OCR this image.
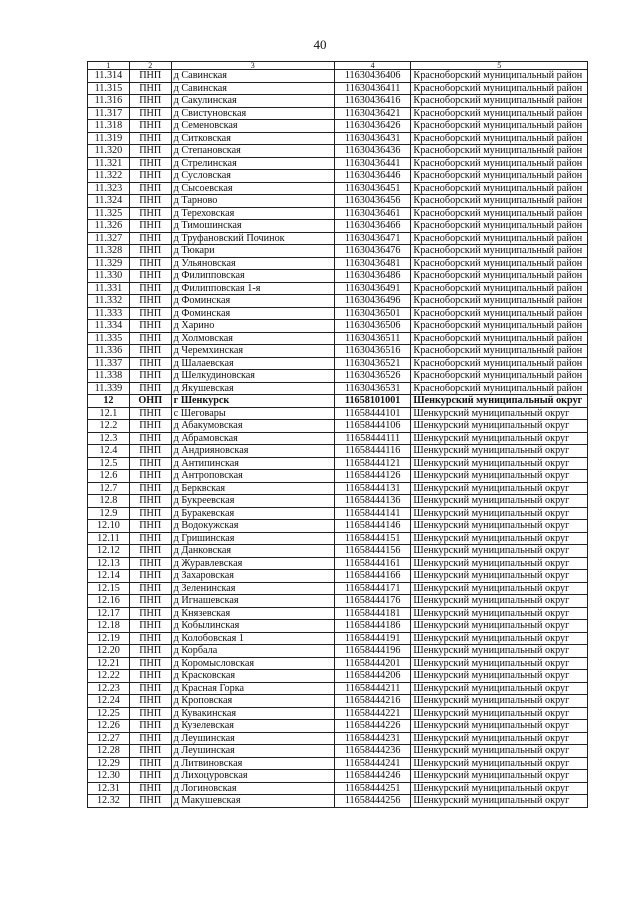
40
1	2	3	4	5
11.314	ПНП	д Савинская	11630436406	Красноборский муниципальный район
11.315	ПНП	д Савинская	11630436411	Красноборский муниципальный район
11.316	ПНП	д Сакулинская	11630436416	Красноборский муниципальный район
11.317	ПНП	д Свистуновская	11630436421	Красноборский муниципальный район
11.318	ПНП	д Семеновская	11630436426	Красноборский муниципальный район
11.319	ПНП	д Ситковская	11630436431	Красноборский муниципальный район
11.320	ПНП	д Степановская	11630436436	Красноборский муниципальный район
11.321	ПНП	д Стрелинская	11630436441	Красноборский муниципальный район
11.322	ПНП	д Сусловская	11630436446	Красноборский муниципальный район
11.323	ПНП	д Сысоевская	11630436451	Красноборский муниципальный район
11.324	ПНП	д Тарново	11630436456	Красноборский муниципальный район
11.325	ПНП	д Тереховская	11630436461	Красноборский муниципальный район
11.326	ПНП	д Тимошинская	11630436466	Красноборский муниципальный район
11.327	ПНП	д Труфановский Починок	11630436471	Красноборский муниципальный район
11.328	ПНП	д Тюкари	11630436476	Красноборский муниципальный район
11.329	ПНП	д Ульяновская	11630436481	Красноборский муниципальный район
11.330	ПНП	д Филипповская	11630436486	Красноборский муниципальный район
11.331	ПНП	д Филипповская 1-я	11630436491	Красноборский муниципальный район
11.332	ПНП	д Фоминская	11630436496	Красноборский муниципальный район
11.333	ПНП	д Фоминская	11630436501	Красноборский муниципальный район
11.334	ПНП	д Харино	11630436506	Красноборский муниципальный район
11.335	ПНП	д Холмовская	11630436511	Красноборский муниципальный район
11.336	ПНП	д Черемхинская	11630436516	Красноборский муниципальный район
11.337	ПНП	д Шалаевская	11630436521	Красноборский муниципальный район
11.338	ПНП	д Шелкудиновская	11630436526	Красноборский муниципальный район
11.339	ПНП	д Якушевская	11630436531	Красноборский муниципальный район
12	ОНП	г Шенкурск	11658101001	Шенкурский муниципальный округ
12.1	ПНП	с Шеговары	11658444101	Шенкурский муниципальный округ
12.2	ПНП	д Абакумовская	11658444106	Шенкурский муниципальный округ
12.3	ПНП	д Абрамовская	11658444111	Шенкурский муниципальный округ
12.4	ПНП	д Андрияновская	11658444116	Шенкурский муниципальный округ
12.5	ПНП	д Антипинская	11658444121	Шенкурский муниципальный округ
12.6	ПНП	д Антроповская	11658444126	Шенкурский муниципальный округ
12.7	ПНП	д Берквская	11658444131	Шенкурский муниципальный округ
12.8	ПНП	д Букреевская	11658444136	Шенкурский муниципальный округ
12.9	ПНП	д Буракевская	11658444141	Шенкурский муниципальный округ
12.10	ПНП	д Водокужская	11658444146	Шенкурский муниципальный округ
12.11	ПНП	д Гришинская	11658444151	Шенкурский муниципальный округ
12.12	ПНП	д Данковская	11658444156	Шенкурский муниципальный округ
12.13	ПНП	д Журавлевская	11658444161	Шенкурский муниципальный округ
12.14	ПНП	д Захаровская	11658444166	Шенкурский муниципальный округ
12.15	ПНП	д Зеленинская	11658444171	Шенкурский муниципальный округ
12.16	ПНП	д Игнашевская	11658444176	Шенкурский муниципальный округ
12.17	ПНП	д Князевская	11658444181	Шенкурский муниципальный округ
12.18	ПНП	д Кобылинская	11658444186	Шенкурский муниципальный округ
12.19	ПНП	д Колобовская 1	11658444191	Шенкурский муниципальный округ
12.20	ПНП	д Корбала	11658444196	Шенкурский муниципальный округ
12.21	ПНП	д Коромысловская	11658444201	Шенкурский муниципальный округ
12.22	ПНП	д Красковская	11658444206	Шенкурский муниципальный округ
12.23	ПНП	д Красная Горка	11658444211	Шенкурский муниципальный округ
12.24	ПНП	д Кроповская	11658444216	Шенкурский муниципальный округ
12.25	ПНП	д Кувакинская	11658444221	Шенкурский муниципальный округ
12.26	ПНП	д Кузелевская	11658444226	Шенкурский муниципальный округ
12.27	ПНП	д Леушинская	11658444231	Шенкурский муниципальный округ
12.28	ПНП	д Леушинская	11658444236	Шенкурский муниципальный округ
12.29	ПНП	д Литвиновская	11658444241	Шенкурский муниципальный округ
12.30	ПНП	д Лихоцуровская	11658444246	Шенкурский муниципальный округ
12.31	ПНП	д Логиновская	11658444251	Шенкурский муниципальный округ
12.32	ПНП	д Макушевская	11658444256	Шенкурский муниципальный округ
